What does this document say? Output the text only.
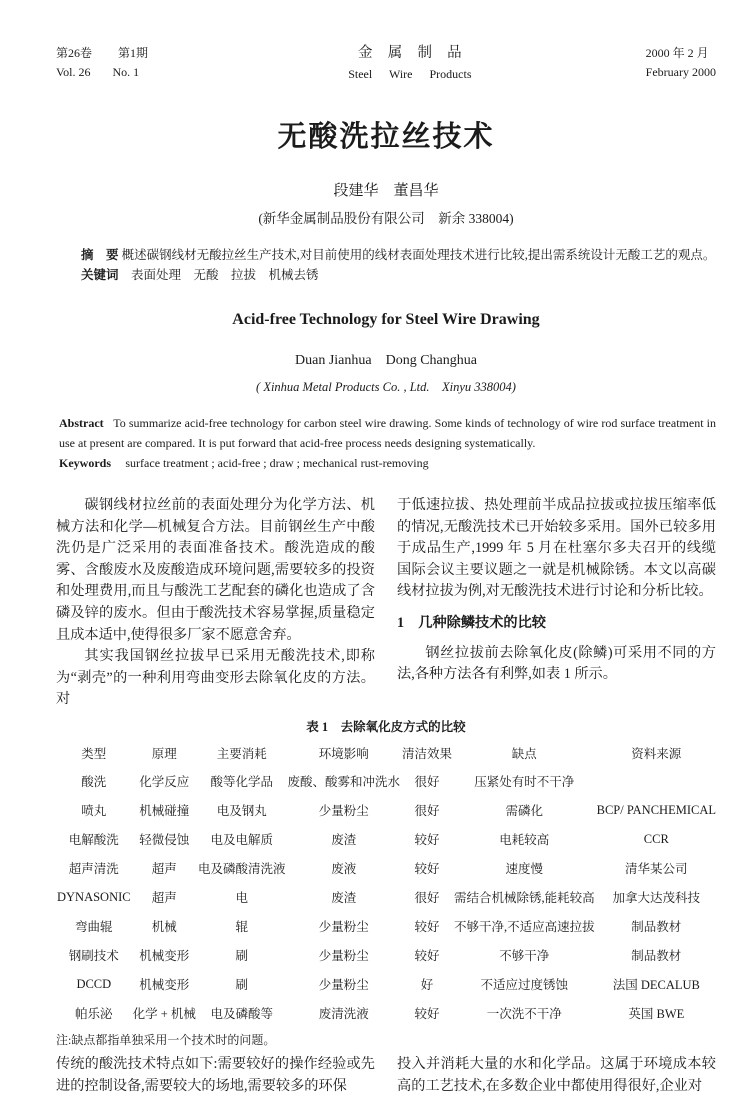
第26卷 第1期
Vol. 26 No. 1
金属制品
Steel Wire Products
2000 年 2 月
February 2000
无酸洗拉丝技术
段建华　董昌华
(新华金属制品股份有限公司　新余 338004)
摘　要 概述碳钢线材无酸拉丝生产技术,对目前使用的线材表面处理技术进行比较,提出需系统设计无酸工艺的观点。
关键词 表面处理　无酸　拉拔　机械去锈
Acid-free Technology for Steel Wire Drawing
Duan Jianhua　Dong Changhua
( Xinhua Metal Products Co. , Ltd.　Xinyu 338004)
Abstract To summarize acid-free technology for carbon steel wire drawing. Some kinds of technology of wire rod surface treatment in use at present are compared. It is put forward that acid-free process needs designing systematically.
Keywords surface treatment ; acid-free ; draw ; mechanical rust-removing

碳钢线材拉丝前的表面处理分为化学方法、机械方法和化学—机械复合方法。目前钢丝生产中酸洗仍是广泛采用的表面准备技术。酸洗造成的酸雾、含酸废水及废酸造成环境问题,需要较多的投资和处理费用,而且与酸洗工艺配套的磷化也造成了含磷及锌的废水。但由于酸洗技术容易掌握,质量稳定且成本适中,使得很多厂家不愿意舍弃。

其实我国钢丝拉拔早已采用无酸洗技术,即称为“剥壳”的一种利用弯曲变形去除氧化皮的方法。对

于低速拉拔、热处理前半成品拉拔或拉拔压缩率低的情况,无酸洗技术已开始较多采用。国外已较多用于成品生产,1999 年 5 月在杜塞尔多夫召开的线缆国际会议主要议题之一就是机械除锈。本文以高碳线材拉拔为例,对无酸洗技术进行讨论和分析比较。

1　几种除鳞技术的比较

钢丝拉拔前去除氧化皮(除鳞)可采用不同的方法,各种方法各有利弊,如表 1 所示。

表 1　去除氧化皮方式的比较
类型	原理	主要消耗	环境影响	清洁效果	缺点	资料来源
酸洗	化学反应	酸等化学品	废酸、酸雾和冲洗水	很好	压紧处有时不干净	
喷丸	机械碰撞	电及钢丸	少量粉尘	很好	需磷化	BCP/ PANCHEMICAL
电解酸洗	轻微侵蚀	电及电解质	废渣	较好	电耗较高	CCR
超声清洗	超声	电及磷酸清洗液	废液	较好	速度慢	清华某公司
DYNASONIC	超声	电	废渣	很好	需结合机械除锈,能耗较高	加拿大达茂科技
弯曲辊	机械	辊	少量粉尘	较好	不够干净,不适应高速拉拔	制品教材
钢刷技术	机械变形	刷	少量粉尘	较好	不够干净	制品教材
DCCD	机械变形	刷	少量粉尘	好	不适应过度锈蚀	法国 DECALUB
帕乐泌	化学 + 机械	电及磷酸等	废清洗液	较好	一次洗不干净	英国 BWE
注:缺点都指单独采用一个技术时的问题。

传统的酸洗技术特点如下:需要较好的操作经验或先进的控制设备,需要较大的场地,需要较多的环保

投入并消耗大量的水和化学品。这属于环境成本较高的工艺技术,在多数企业中都使用得很好,企业对
